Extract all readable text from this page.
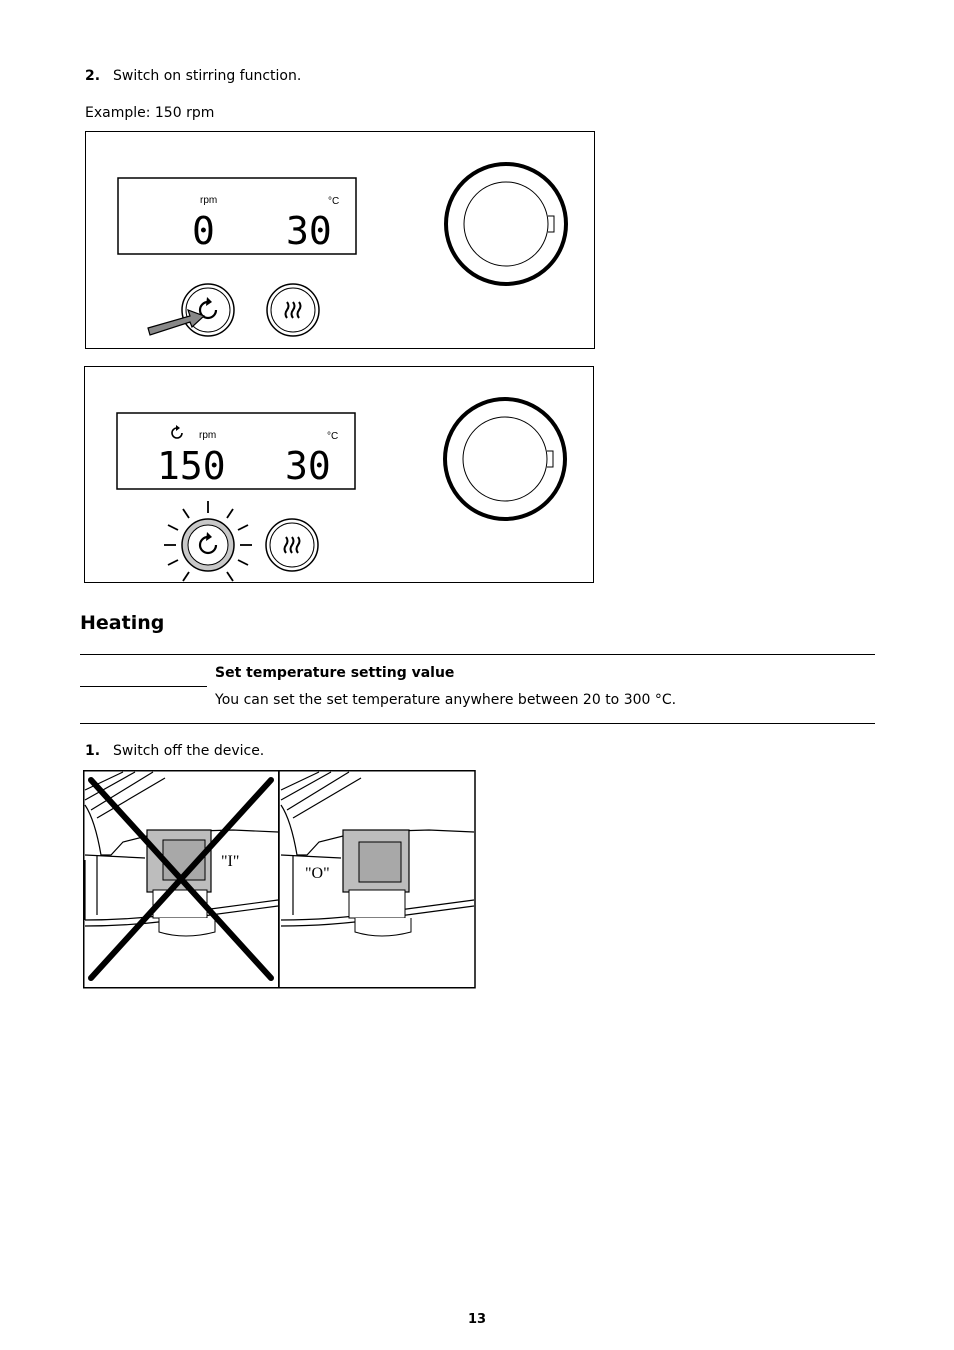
2. Switch on stirring function.
Example: 150 rpm
rpm	°C
0 30
rpm	°C
150 30
Heating
Set temperature setting value
You can set the set temperature anywhere between 20 to 300 °C.
1. Switch off the device.
"I"
"O"
13
